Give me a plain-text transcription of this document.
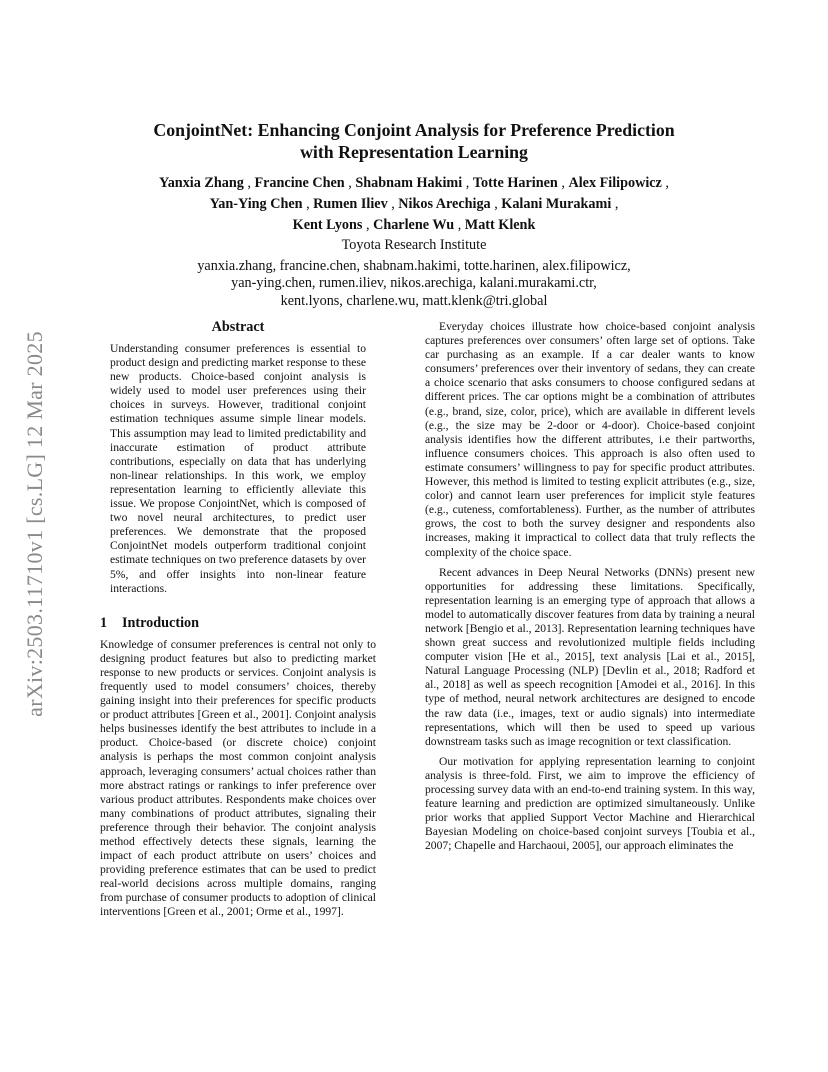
arXiv:2503.11710v1 [cs.LG] 12 Mar 2025

ConjointNet: Enhancing Conjoint Analysis for Preference Prediction
with Representation Learning

Yanxia Zhang , Francine Chen , Shabnam Hakimi , Totte Harinen , Alex Filipowicz ,
Yan-Ying Chen , Rumen Iliev , Nikos Arechiga , Kalani Murakami ,
Kent Lyons , Charlene Wu , Matt Klenk

Toyota Research Institute

yanxia.zhang, francine.chen, shabnam.hakimi, totte.harinen, alex.filipowicz,
yan-ying.chen, rumen.iliev, nikos.arechiga, kalani.murakami.ctr,
kent.lyons, charlene.wu, matt.klenk@tri.global

Abstract

Understanding consumer preferences is essential to product design and predicting market response to these new products. Choice-based conjoint analysis is widely used to model user preferences using their choices in surveys. However, traditional conjoint estimation techniques assume simple linear models. This assumption may lead to limited predictability and inaccurate estimation of product attribute contributions, especially on data that has underlying non-linear relationships. In this work, we employ representation learning to efficiently alleviate this issue. We propose ConjointNet, which is composed of two novel neural architectures, to predict user preferences. We demonstrate that the proposed ConjointNet models outperform traditional conjoint estimate techniques on two preference datasets by over 5%, and offer insights into non-linear feature interactions.

1 Introduction

Knowledge of consumer preferences is central not only to designing product features but also to predicting market response to new products or services. Conjoint analysis is frequently used to model consumers’ choices, thereby gaining insight into their preferences for specific products or product attributes [Green et al., 2001]. Conjoint analysis helps businesses identify the best attributes to include in a product. Choice-based (or discrete choice) conjoint analysis is perhaps the most common conjoint analysis approach, leveraging consumers’ actual choices rather than more abstract ratings or rankings to infer preference over various product attributes. Respondents make choices over many combinations of product attributes, signaling their preference through their behavior. The conjoint analysis method effectively detects these signals, learning the impact of each product attribute on users’ choices and providing preference estimates that can be used to predict real-world decisions across multiple domains, ranging from purchase of consumer products to adoption of clinical interventions [Green et al., 2001; Orme et al., 1997].

Everyday choices illustrate how choice-based conjoint analysis captures preferences over consumers’ often large set of options. Take car purchasing as an example. If a car dealer wants to know consumers’ preferences over their inventory of sedans, they can create a choice scenario that asks consumers to choose configured sedans at different prices. The car options might be a combination of attributes (e.g., brand, size, color, price), which are available in different levels (e.g., the size may be 2-door or 4-door). Choice-based conjoint analysis identifies how the different attributes, i.e their partworths, influence consumers choices. This approach is also often used to estimate consumers’ willingness to pay for specific product attributes. However, this method is limited to testing explicit attributes (e.g., size, color) and cannot learn user preferences for implicit style features (e.g., cuteness, comfortableness). Further, as the number of attributes grows, the cost to both the survey designer and respondents also increases, making it impractical to collect data that truly reflects the complexity of the choice space.

Recent advances in Deep Neural Networks (DNNs) present new opportunities for addressing these limitations. Specifically, representation learning is an emerging type of approach that allows a model to automatically discover features from data by training a neural network [Bengio et al., 2013]. Representation learning techniques have shown great success and revolutionized multiple fields including computer vision [He et al., 2015], text analysis [Lai et al., 2015], Natural Language Processing (NLP) [Devlin et al., 2018; Radford et al., 2018] as well as speech recognition [Amodei et al., 2016]. In this type of method, neural network architectures are designed to encode the raw data (i.e., images, text or audio signals) into intermediate representations, which will then be used to speed up various downstream tasks such as image recognition or text classification.

Our motivation for applying representation learning to conjoint analysis is three-fold. First, we aim to improve the efficiency of processing survey data with an end-to-end training system. In this way, feature learning and prediction are optimized simultaneously. Unlike prior works that applied Support Vector Machine and Hierarchical Bayesian Modeling on choice-based conjoint surveys [Toubia et al., 2007; Chapelle and Harchaoui, 2005], our approach eliminates the
